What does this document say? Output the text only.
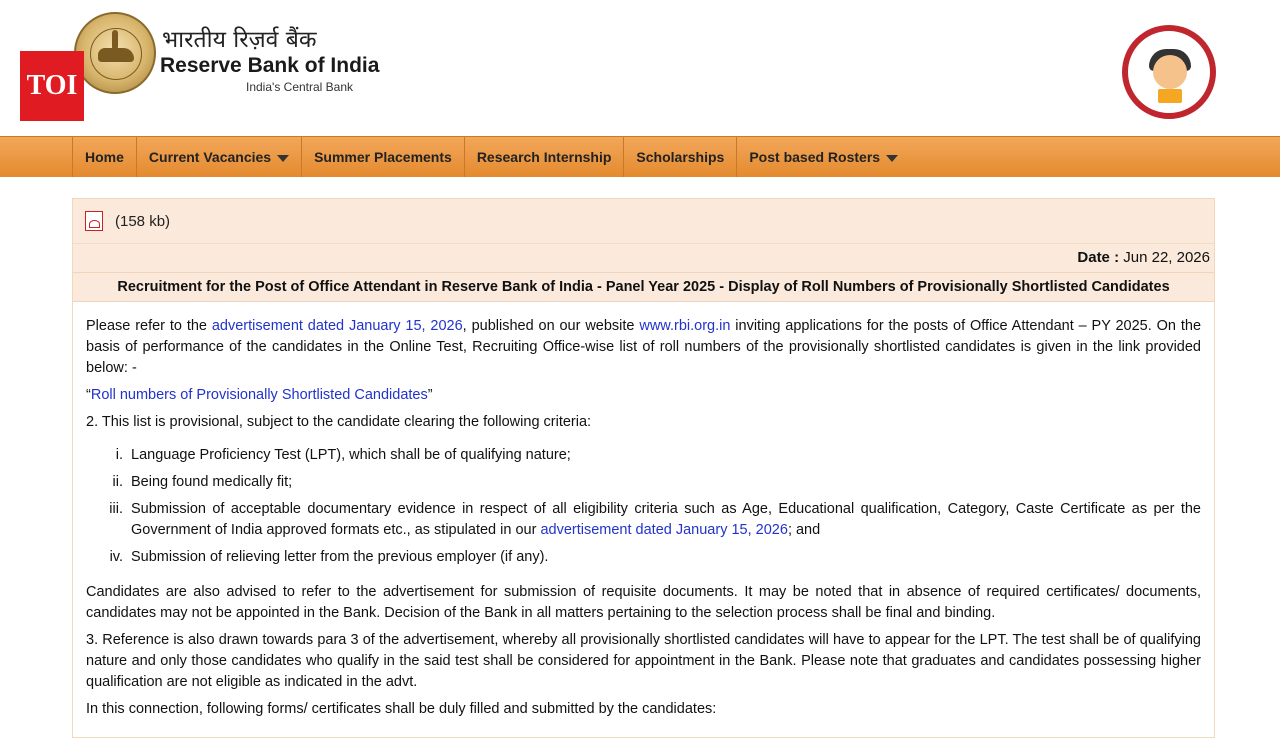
TOI
भारतीय रिज़र्व बैंक
Reserve Bank of India
India's Central Bank
Home Current Vacancies	Summer Placements Research Internship Scholarships Post based Rosters
(158 kb)
Date : Jun 22, 2026
Recruitment for the Post of Office Attendant in Reserve Bank of India - Panel Year 2025 - Display of Roll Numbers of Provisionally Shortlisted Candidates

Please refer to the advertisement dated January 15, 2026, published on our website www.rbi.org.in inviting applications for the posts of Office Attendant – PY 2025. On the basis of performance of the candidates in the Online Test, Recruiting Office-wise list of roll numbers of the provisionally shortlisted candidates is given in the link provided below: -

“Roll numbers of Provisionally Shortlisted Candidates”

2. This list is provisional, subject to the candidate clearing the following criteria:

i. Language Proficiency Test (LPT), which shall be of qualifying nature;
ii. Being found medically fit;
iii. Submission of acceptable documentary evidence in respect of all eligibility criteria such as Age, Educational qualification, Category, Caste Certificate as per the Government of India approved formats etc., as stipulated in our advertisement dated January 15, 2026; and
iv. Submission of relieving letter from the previous employer (if any).

Candidates are also advised to refer to the advertisement for submission of requisite documents. It may be noted that in absence of required certificates/ documents, candidates may not be appointed in the Bank. Decision of the Bank in all matters pertaining to the selection process shall be final and binding.

3. Reference is also drawn towards para 3 of the advertisement, whereby all provisionally shortlisted candidates will have to appear for the LPT. The test shall be of qualifying nature and only those candidates who qualify in the said test shall be considered for appointment in the Bank. Please note that graduates and candidates possessing higher qualification are not eligible as indicated in the advt.

In this connection, following forms/ certificates shall be duly filled and submitted by the candidates:
